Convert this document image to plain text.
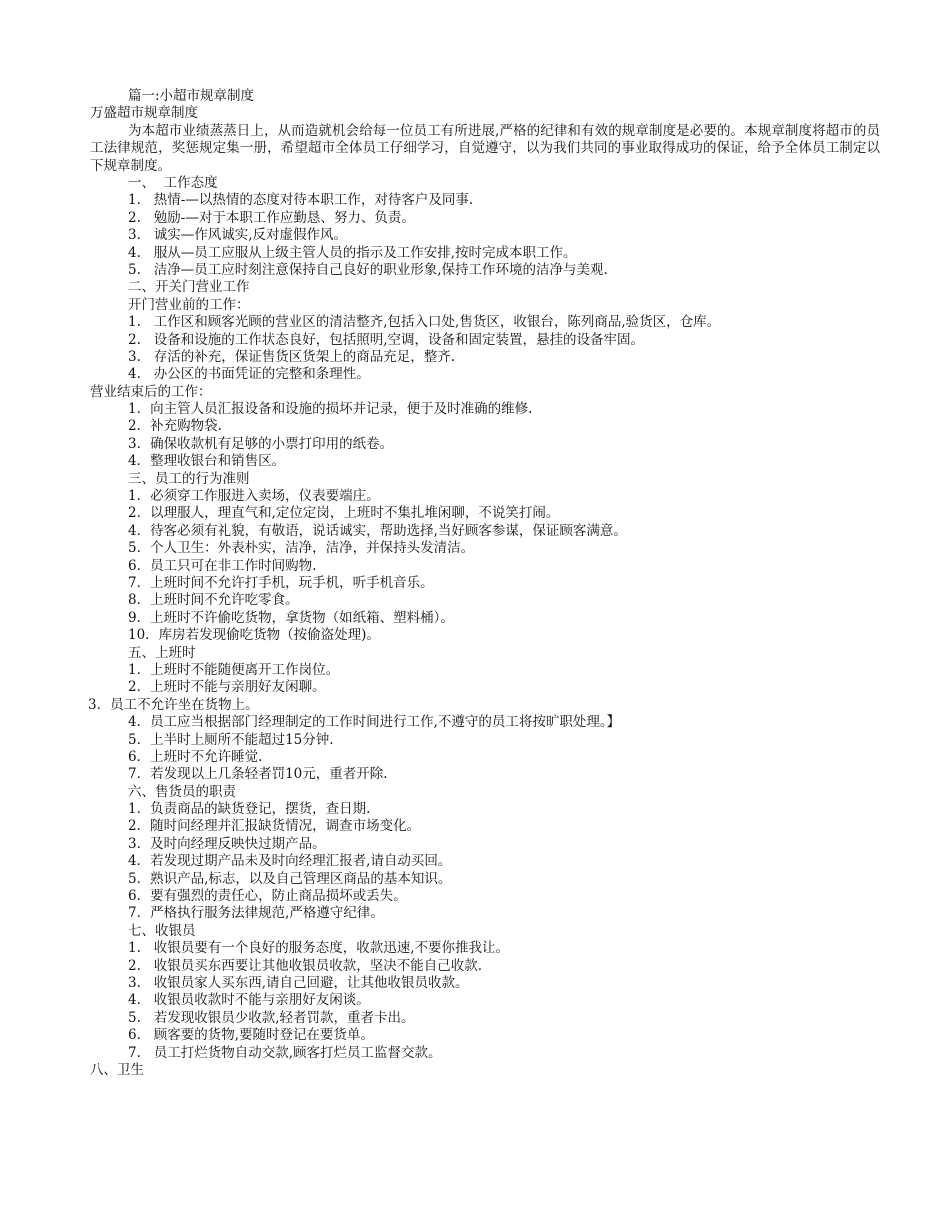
篇一:小超市规章制度
万盛超市规章制度
为本超市业绩蒸蒸日上，从而造就机会给每一位员工有所进展,严格的纪律和有效的规章制度是必要的。本规章制度将超市的员工法律规范，奖惩规定集一册，希望超市全体员工仔细学习，自觉遵守，以为我们共同的事业取得成功的保证，给予全体员工制定以下规章制度。
一、  工作态度
1.   热情-—以热情的态度对待本职工作，对待客户及同事.
2.   勉励-—对于本职工作应勤恳、努力、负责。
3.   诚实—作风诚实,反对虚假作风。
4.   服从—员工应服从上级主管人员的指示及工作安排,按时完成本职工作。
5.   洁净—员工应时刻注意保持自己良好的职业形象,保持工作环境的洁净与美观.
二、开关门营业工作
开门营业前的工作：
1.   工作区和顾客光顾的营业区的清洁整齐,包括入口处,售货区，收银台，陈列商品,验货区，仓库。
2.   设备和设施的工作状态良好，包括照明,空调，设备和固定装置，悬挂的设备牢固。
3.   存活的补充，保证售货区货架上的商品充足，整齐.
4.   办公区的书面凭证的完整和条理性。
营业结束后的工作：
1．向主管人员汇报设备和设施的损坏并记录，便于及时准确的维修.
2．补充购物袋.
3．确保收款机有足够的小票打印用的纸卷。
4．整理收银台和销售区。
三、员工的行为准则
1．必须穿工作服进入卖场，仪表要端庄。
2．以理服人，理直气和,定位定岗，上班时不集扎堆闲聊，不说笑打闹。
4．待客必须有礼貌，有敬语，说话诚实，帮助选择,当好顾客参谋，保证顾客满意。
5．个人卫生：外表朴实，洁净，洁净，并保持头发清洁。
6．员工只可在非工作时间购物.
7．上班时间不允许打手机，玩手机，听手机音乐。
8．上班时间不允许吃零食。
9．上班时不许偷吃货物，拿货物（如纸箱、塑料桶）。
10．库房若发现偷吃货物（按偷盗处理)。
五、上班时
1．上班时不能随便离开工作岗位。
2．上班时不能与亲朋好友闲聊。
3．员工不允许坐在货物上。
4．员工应当根据部门经理制定的工作时间进行工作,不遵守的员工将按旷职处理。】
5．上半时上厕所不能超过15分钟.
6．上班时不允许睡觉.
7．若发现以上几条轻者罚10元，重者开除.
六、售货员的职责
1．负责商品的缺货登记，摆货，查日期.
2．随时问经理并汇报缺货情况，调查市场变化。
3．及时向经理反映快过期产品。
4．若发现过期产品未及时向经理汇报者,请自动买回。
5．熟识产品,标志，以及自己管理区商品的基本知识。
6．要有强烈的责任心，防止商品损坏或丢失。
7．严格执行服务法律规范,严格遵守纪律。
七、收银员
1.   收银员要有一个良好的服务态度，收款迅速,不要你推我让。
2.   收银员买东西要让其他收银员收款，坚决不能自己收款.
3.   收银员家人买东西,请自己回避，让其他收银员收款。
4.   收银员收款时不能与亲朋好友闲谈。
5.   若发现收银员少收款,轻者罚款，重者卡出。
6.   顾客要的货物,要随时登记在要货单。
7.   员工打烂货物自动交款,顾客打烂员工监督交款。
八、卫生
